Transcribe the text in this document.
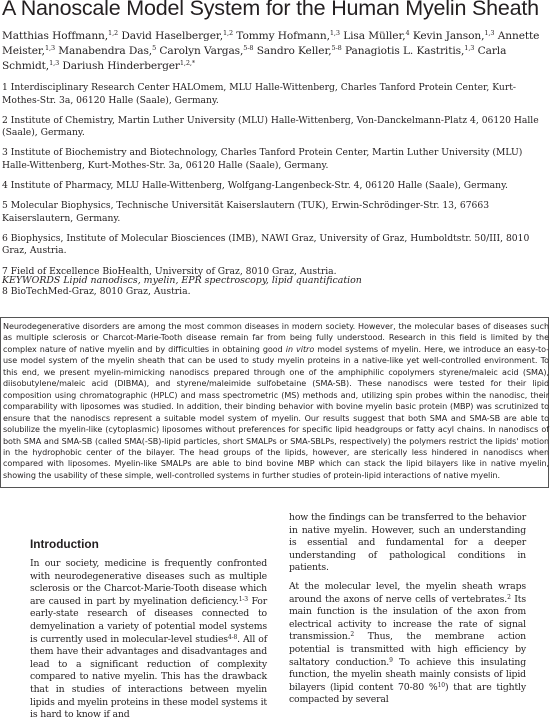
A Nanoscale Model System for the Human Myelin Sheath
Matthias Hoffmann,$^{1,2}$ David Haselberger,$^{1,2}$ Tommy Hofmann,$^{1,3}$ Lisa Müller,$^4$ Kevin Janson,$^{1,3}$ Annette Meister,$^{1,3}$ Manabendra Das,$^5$ Carolyn Vargas,$^{5-8}$ Sandro Keller,$^{5-8}$ Panagiotis L. Kastritis,$^{1,3}$ Carla Schmidt,$^{1,3}$ Dariush Hinderberger$^{1,2,*}$
1 Interdisciplinary Research Center HALOmem, MLU Halle-Wittenberg, Charles Tanford Protein Center, Kurt-Mothes-Str. 3a, 06120 Halle (Saale), Germany.
2 Institute of Chemistry, Martin Luther University (MLU) Halle-Wittenberg, Von-Danckelmann-Platz 4, 06120 Halle (Saale), Germany.
3 Institute of Biochemistry and Biotechnology, Charles Tanford Protein Center, Martin Luther University (MLU) Halle-Wittenberg, Kurt-Mothes-Str. 3a, 06120 Halle (Saale), Germany.
4 Institute of Pharmacy, MLU Halle-Wittenberg, Wolfgang-Langenbeck-Str. 4, 06120 Halle (Saale), Germany.
5 Molecular Biophysics, Technische Universität Kaiserslautern (TUK), Erwin-Schrödinger-Str. 13, 67663 Kaiserslautern, Germany.
6 Biophysics, Institute of Molecular Biosciences (IMB), NAWI Graz, University of Graz, Humboldtstr. 50/III, 8010 Graz, Austria.
7 Field of Excellence BioHealth, University of Graz, 8010 Graz, Austria.
8 BioTechMed-Graz, 8010 Graz, Austria.
KEYWORDS Lipid nanodiscs, myelin, EPR spectroscopy, lipid quantification
Neurodegenerative disorders are among the most common diseases in modern society. However, the molecular bases of diseases such as multiple sclerosis or Charcot-Marie-Tooth disease remain far from being fully understood. Research in this field is limited by the complex nature of native myelin and by difficulties in obtaining good in vitro model systems of myelin. Here, we introduce an easy-to-use model system of the myelin sheath that can be used to study myelin proteins in a native-like yet well-controlled environment. To this end, we present myelin-mimicking nanodiscs prepared through one of the amphiphilic copolymers styrene/maleic acid (SMA), diisobutylene/maleic acid (DIBMA), and styrene/maleimide sulfobetaine (SMA-SB). These nanodiscs were tested for their lipid composition using chromatographic (HPLC) and mass spectrometric (MS) methods and, utilizing spin probes within the nanodisc, their comparability with liposomes was studied. In addition, their binding behavior with bovine myelin basic protein (MBP) was scrutinized to ensure that the nanodiscs represent a suitable model system of myelin. Our results suggest that both SMA and SMA-SB are able to solubilize the myelin-like (cytoplasmic) liposomes without preferences for specific lipid headgroups or fatty acyl chains. In nanodiscs of both SMA and SMA-SB (called SMA(-SB)-lipid particles, short SMALPs or SMA-SBLPs, respectively) the polymers restrict the lipids' motion in the hydrophobic center of the bilayer. The head groups of the lipids, however, are sterically less hindered in nanodiscs when compared with liposomes. Myelin-like SMALPs are able to bind bovine MBP which can stack the lipid bilayers like in native myelin, showing the usability of these simple, well-controlled systems in further studies of protein-lipid interactions of native myelin.
Introduction

In our society, medicine is frequently confronted with neurodegenerative diseases such as multiple sclerosis or the Charcot-Marie-Tooth disease which are caused in part by myelination deficiency.$^{1-3}$ For early-state research of diseases connected to demyelination a variety of potential model systems is currently used in molecular-level studies$^{4-8}$. All of them have their advantages and disadvantages and lead to a significant reduction of complexity compared to native myelin. This has the drawback that in studies of interactions between myelin lipids and myelin proteins in these model systems it is hard to know if and

how the findings can be transferred to the behavior in native myelin. However, such an understanding is essential and fundamental for a deeper understanding of pathological conditions in patients.

At the molecular level, the myelin sheath wraps around the axons of nerve cells of vertebrates.$^2$ Its main function is the insulation of the axon from electrical activity to increase the rate of signal transmission.$^2$ Thus, the membrane action potential is transmitted with high efficiency by saltatory conduction.$^9$ To achieve this insulating function, the myelin sheath mainly consists of lipid bilayers (lipid content 70-80 %$^{10}$) that are tightly compacted by several
